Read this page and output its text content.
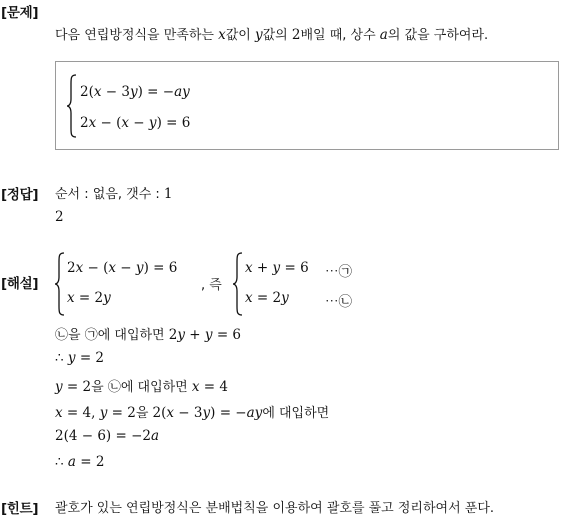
[문제]
다음 연립방정식을 만족하는 x값이 y값의 2배일 때, 상수 a의 값을 구하여라.
2(x − 3y) = −ay
2x − (x − y) = 6
[정답] 순서 : 없음, 갯수 : 1
2
[해설]
2x − (x − y) = 6
x = 2y
, 즉
x + y = 6
x = 2y
⋯㉠
⋯㉡
㉡을 ㉠에 대입하면 2y + y = 6
∴ y = 2
y = 2을 ㉡에 대입하면 x = 4
x = 4, y = 2을 2(x − 3y) = −ay에 대입하면
2(4 − 6) = −2a
∴ a = 2
[힌트] 괄호가 있는 연립방정식은 분배법칙을 이용하여 괄호를 풀고 정리하여서 푼다.
